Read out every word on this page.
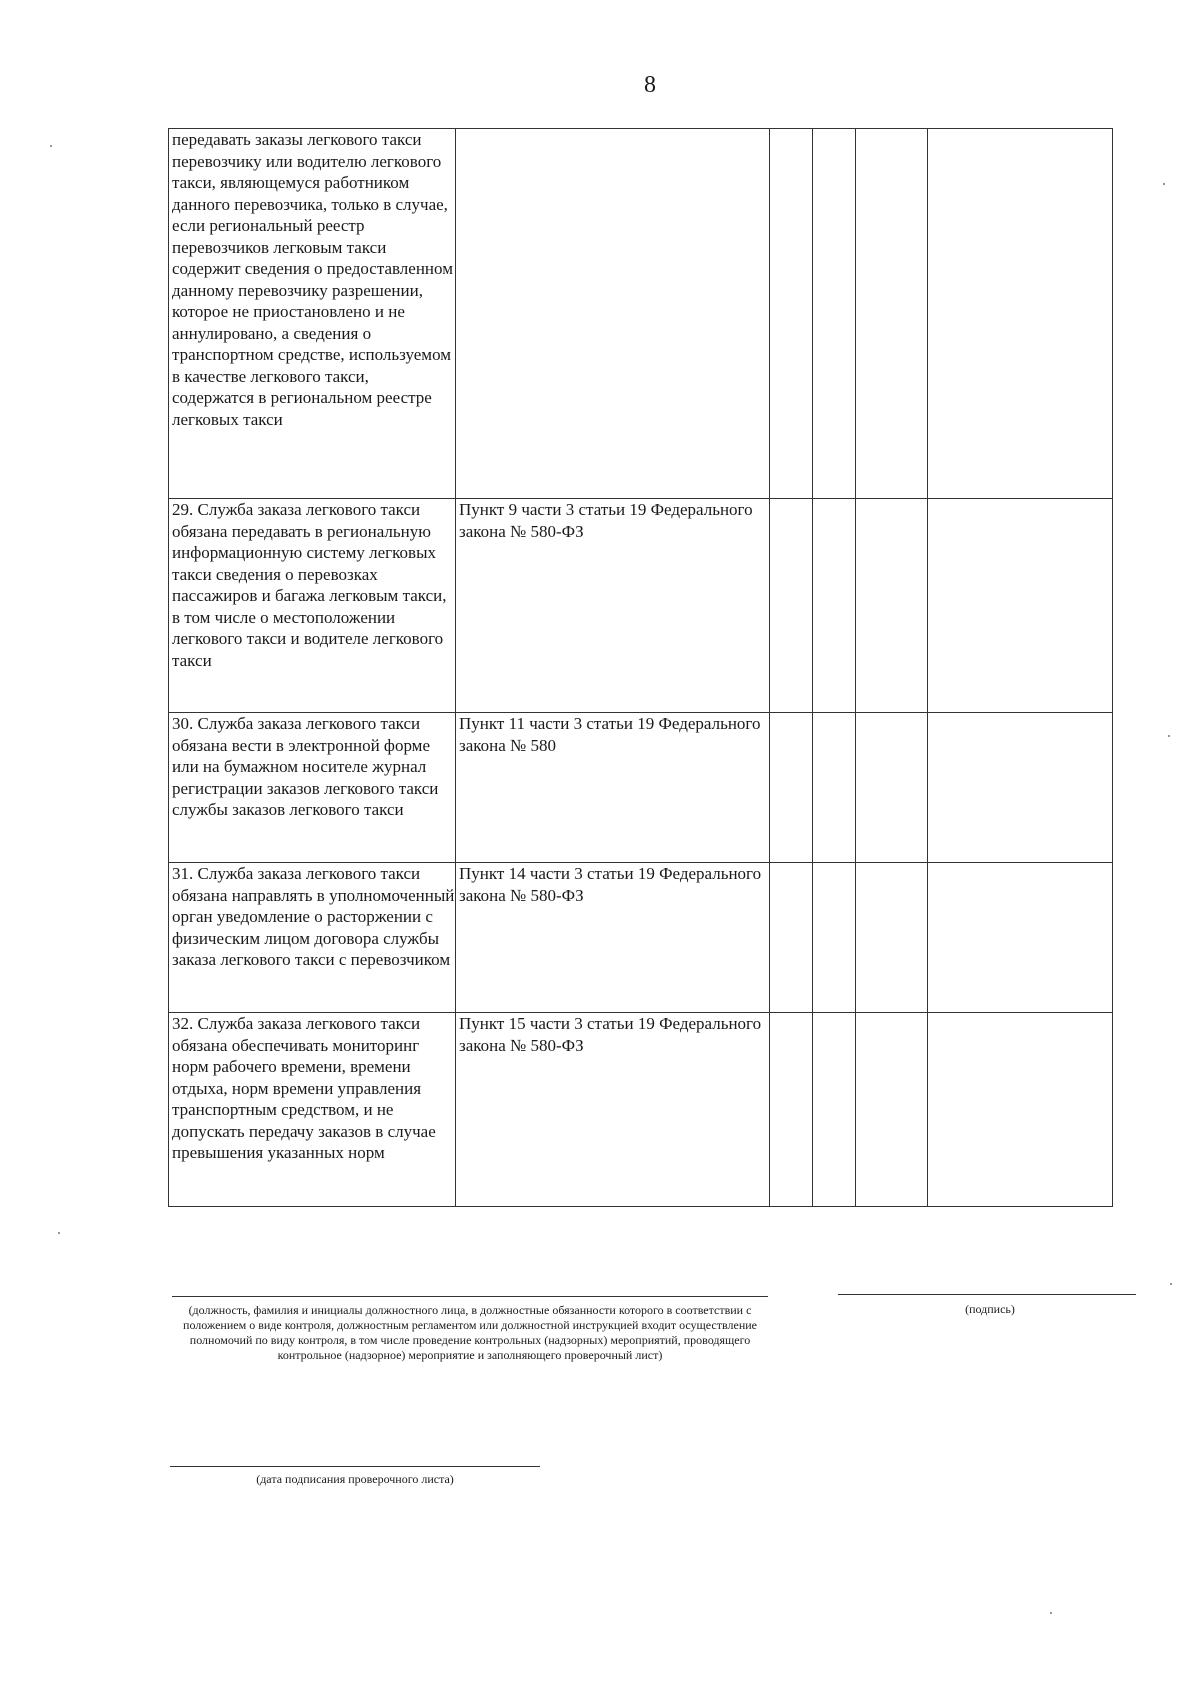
8
передавать заказы легкового такси перевозчику или водителю легкового такси, являющемуся работником данного перевозчика, только в случае, если региональный реестр перевозчиков легковым такси содержит сведения о предоставленном данному перевозчику разрешении, которое не приостановлено и не аннулировано, а сведения о транспортном средстве, используемом в качестве легкового такси, содержатся в региональном реестре легковых такси					
29. Служба заказа легкового такси обязана передавать в региональную информационную систему легковых такси сведения о перевозках пассажиров и багажа легковым такси, в том числе о местоположении легкового такси и водителе легкового такси	Пункт 9 части 3 статьи 19 Федерального закона № 580-ФЗ				
30. Служба заказа легкового такси обязана вести в электронной форме или на бумажном носителе журнал регистрации заказов легкового такси службы заказов легкового такси	Пункт 11 части 3 статьи 19 Федерального закона № 580				
31. Служба заказа легкового такси обязана направлять в уполномоченный орган уведомление о расторжении с физическим лицом договора службы заказа легкового такси с перевозчиком	Пункт 14 части 3 статьи 19 Федерального закона № 580-ФЗ				
32. Служба заказа легкового такси обязана обеспечивать мониторинг норм рабочего времени, времени отдыха, норм времени управления транспортным средством, и не допускать передачу заказов в случае превышения указанных норм	Пункт 15 части 3 статьи 19 Федерального закона № 580-ФЗ				
(должность, фамилия и инициалы должностного лица, в должностные обязанности которого в соответствии с положением о виде контроля, должностным регламентом или должностной инструкцией входит осуществление полномочий по виду контроля, в том числе проведение контрольных (надзорных) мероприятий, проводящего контрольное (надзорное) мероприятие и заполняющего проверочный лист)
(подпись)
(дата подписания проверочного листа)
